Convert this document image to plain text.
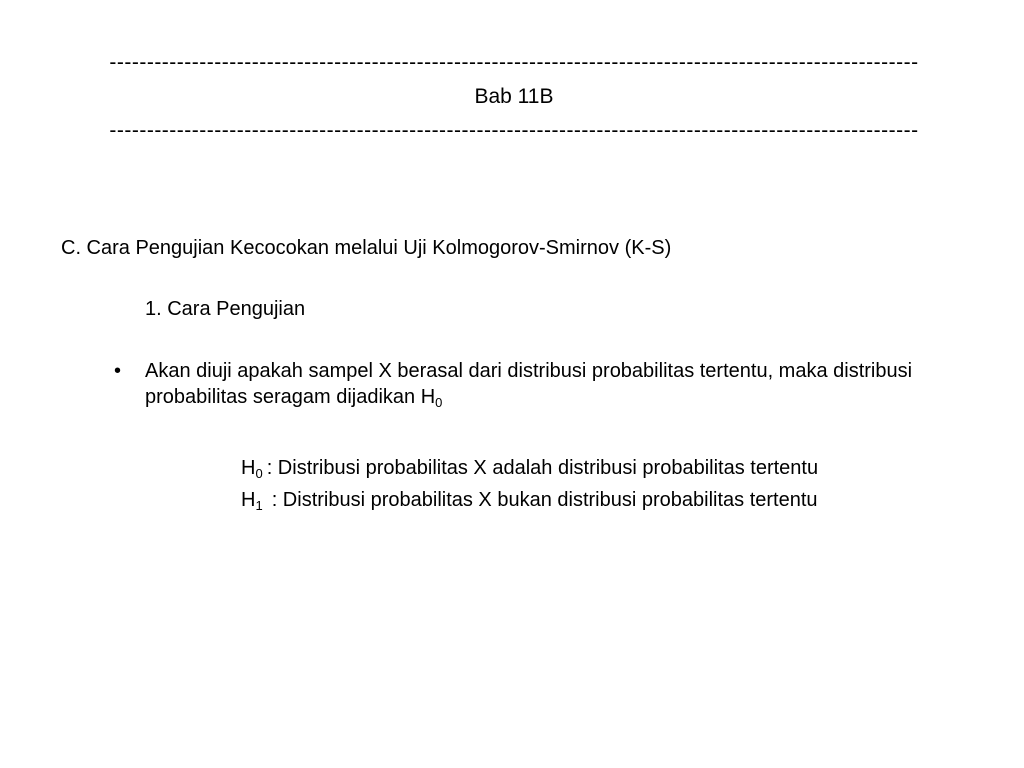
------------------------------------------------------------------------------------------------------------
Bab 11B
------------------------------------------------------------------------------------------------------------
C. Cara Pengujian Kecocokan melalui Uji Kolmogorov-Smirnov (K-S)
1. Cara Pengujian
•	Akan diuji apakah sampel X berasal dari distribusi probabilitas tertentu, maka distribusi probabilitas seragam dijadikan $H_0$
$H_0$ : Distribusi probabilitas X adalah distribusi probabilitas tertentu
$H_1$ : Distribusi probabilitas X bukan distribusi probabilitas tertentu
